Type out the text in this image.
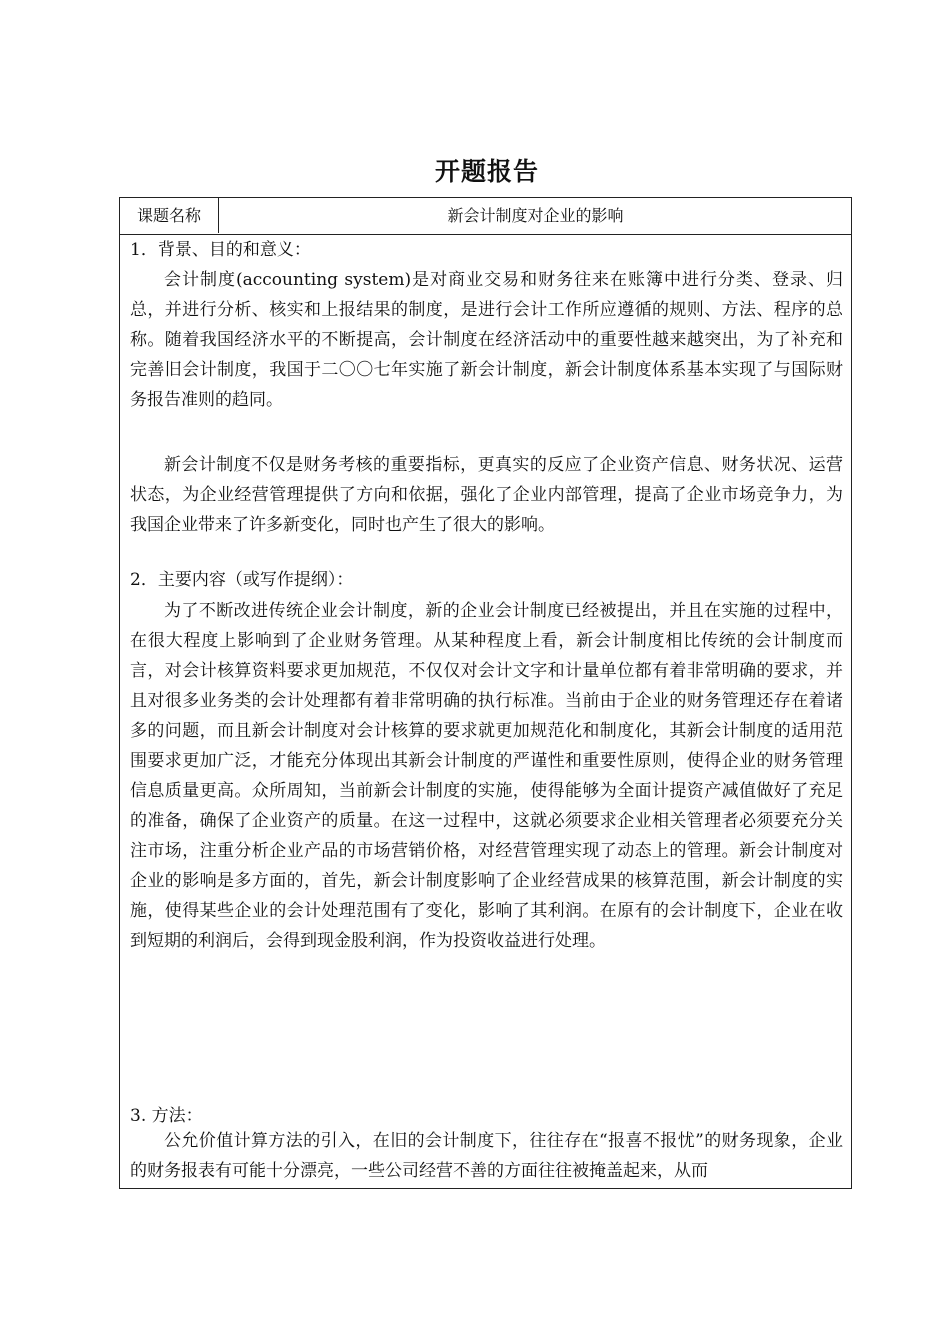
开题报告
课题名称	新会计制度对企业的影响
1．背景、目的和意义：
会计制度(accounting system)是对商业交易和财务往来在账簿中进行分类、登录、归总，并进行分析、核实和上报结果的制度，是进行会计工作所应遵循的规则、方法、程序的总称。随着我国经济水平的不断提高，会计制度在经济活动中的重要性越来越突出，为了补充和完善旧会计制度，我国于二〇〇七年实施了新会计制度，新会计制度体系基本实现了与国际财务报告准则的趋同。
新会计制度不仅是财务考核的重要指标，更真实的反应了企业资产信息、财务状况、运营状态，为企业经营管理提供了方向和依据，强化了企业内部管理，提高了企业市场竞争力，为我国企业带来了许多新变化，同时也产生了很大的影响。
2．主要内容（或写作提纲）：
为了不断改进传统企业会计制度，新的企业会计制度已经被提出，并且在实施的过程中，在很大程度上影响到了企业财务管理。从某种程度上看，新会计制度相比传统的会计制度而言，对会计核算资料要求更加规范，不仅仅对会计文字和计量单位都有着非常明确的要求，并且对很多业务类的会计处理都有着非常明确的执行标准。当前由于企业的财务管理还存在着诸多的问题，而且新会计制度对会计核算的要求就更加规范化和制度化，其新会计制度的适用范围要求更加广泛，才能充分体现出其新会计制度的严谨性和重要性原则，使得企业的财务管理信息质量更高。众所周知，当前新会计制度的实施，使得能够为全面计提资产减值做好了充足的准备，确保了企业资产的质量。在这一过程中，这就必须要求企业相关管理者必须要充分关注市场，注重分析企业产品的市场营销价格，对经营管理实现了动态上的管理。新会计制度对企业的影响是多方面的，首先，新会计制度影响了企业经营成果的核算范围，新会计制度的实施，使得某些企业的会计处理范围有了变化，影响了其利润。在原有的会计制度下，企业在收到短期的利润后，会得到现金股利润，作为投资收益进行处理。
3. 方法：
公允价值计算方法的引入，在旧的会计制度下，往往存在“报喜不报忧”的财务现象，企业的财务报表有可能十分漂亮，一些公司经营不善的方面往往被掩盖起来，从而
